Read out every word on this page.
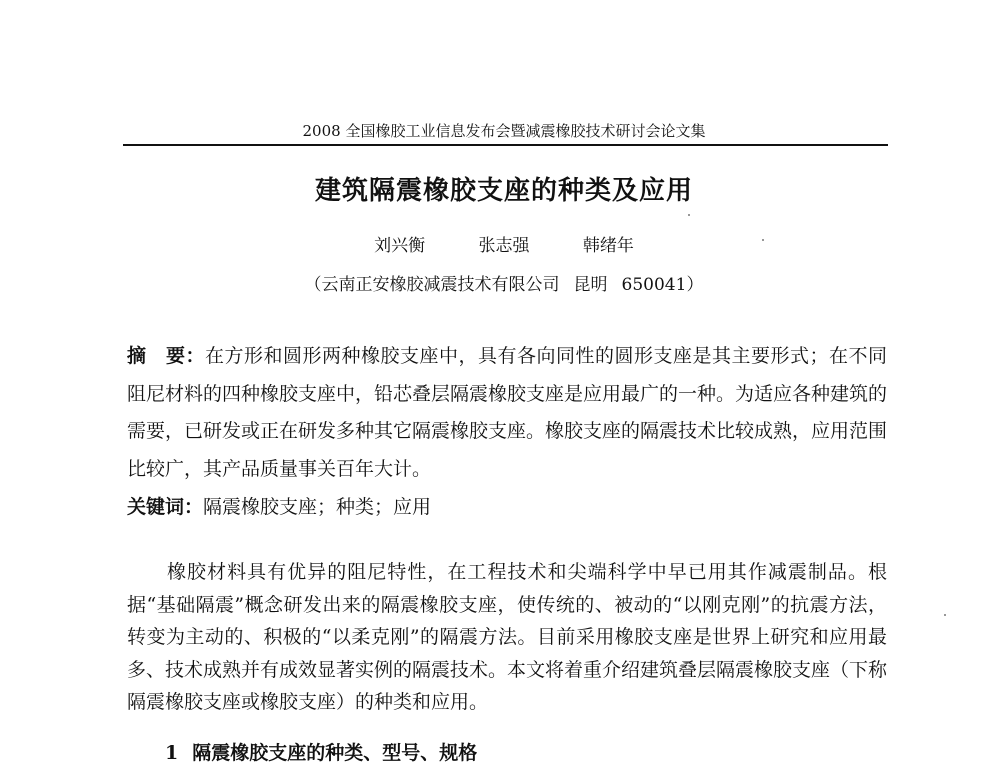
2008 全国橡胶工业信息发布会暨减震橡胶技术研讨会论文集
建筑隔震橡胶支座的种类及应用
刘兴衡	张志强	韩绪年
（云南正安橡胶减震技术有限公司 昆明 650041）
摘　要：在方形和圆形两种橡胶支座中，具有各向同性的圆形支座是其主要形式；在不同阻尼材料的四种橡胶支座中，铅芯叠层隔震橡胶支座是应用最广的一种。为适应各种建筑的需要，已研发或正在研发多种其它隔震橡胶支座。橡胶支座的隔震技术比较成熟，应用范围比较广，其产品质量事关百年大计。
关键词：隔震橡胶支座；种类；应用
橡胶材料具有优异的阻尼特性，在工程技术和尖端科学中早已用其作减震制品。根据“基础隔震”概念研发出来的隔震橡胶支座，使传统的、被动的“以刚克刚”的抗震方法，转变为主动的、积极的“以柔克刚”的隔震方法。目前采用橡胶支座是世界上研究和应用最多、技术成熟并有成效显著实例的隔震技术。本文将着重介绍建筑叠层隔震橡胶支座（下称隔震橡胶支座或橡胶支座）的种类和应用。
1 隔震橡胶支座的种类、型号、规格
